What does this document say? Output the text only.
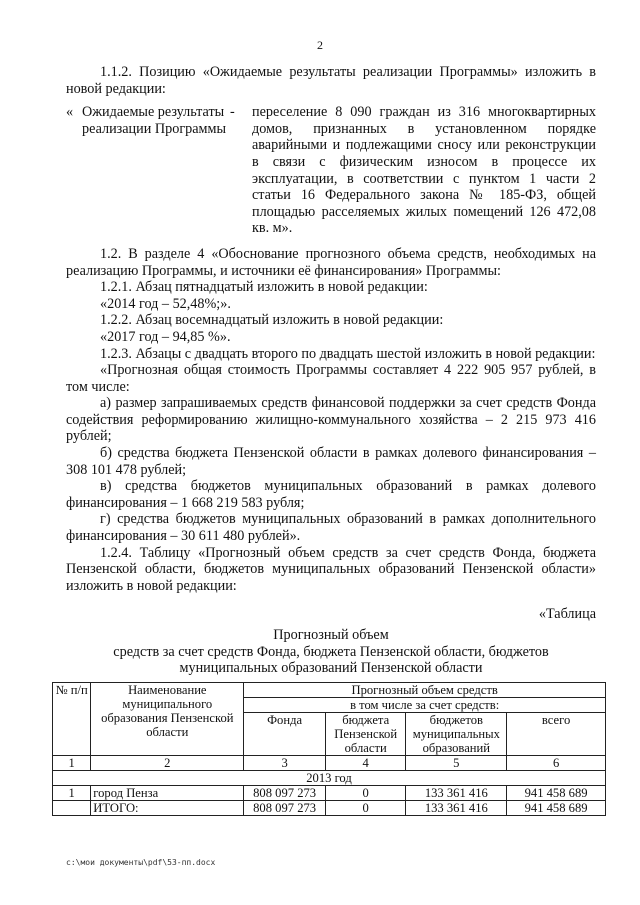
2

1.1.2. Позицию «Ожидаемые результаты реализации Программы» изложить в новой редакции:

« Ожидаемые результаты реализации Программы
-	переселение 8 090 граждан из 316 многоквартирных домов, признанных в установленном порядке аварийными и подлежащими сносу или реконструкции в связи с физическим износом в процессе их эксплуатации, в соответствии с пунктом 1 части 2 статьи 16 Федерального закона № 185-ФЗ, общей площадью расселяемых жилых помещений 126 472,08 кв. м».

1.2. В разделе 4 «Обоснование прогнозного объема средств, необходимых на реализацию Программы, и источники её финансирования» Программы:

1.2.1. Абзац пятнадцатый изложить в новой редакции:

«2014 год – 52,48%;».

1.2.2. Абзац восемнадцатый изложить в новой редакции:

«2017 год – 94,85 %».

1.2.3. Абзацы с двадцать второго по двадцать шестой изложить в новой редакции:

«Прогнозная общая стоимость Программы составляет 4 222 905 957 рублей, в том числе:

а) размер запрашиваемых средств финансовой поддержки за счет средств Фонда содействия реформированию жилищно-коммунального хозяйства – 2 215 973 416 рублей;

б) средства бюджета Пензенской области в рамках долевого финансирования – 308 101 478 рублей;

в) средства бюджетов муниципальных образований в рамках долевого финансирования – 1 668 219 583 рубля;

г) средства бюджетов муниципальных образований в рамках дополнительного финансирования – 30 611 480 рублей».

1.2.4. Таблицу «Прогнозный объем средств за счет средств Фонда, бюджета Пензенской области, бюджетов муниципальных образований Пензенской области» изложить в новой редакции:

«Таблица

Прогнозный объем

средств за счет средств Фонда, бюджета Пензенской области, бюджетов муниципальных образований Пензенской области

№ п/п	Наименование муниципального образования Пензенской области	Прогнозный объем средств			
		в том числе за счет средств:			
		Фонда	бюджета Пензенской области	бюджетов муниципальных образований	всего
1	2	3	4	5	6
2013 год					
1	город Пенза	808 097 273	0	133 361 416	941 458 689
	ИТОГО:	808 097 273	0	133 361 416	941 458 689
c:\мои документы\pdf\53-пп.docx
